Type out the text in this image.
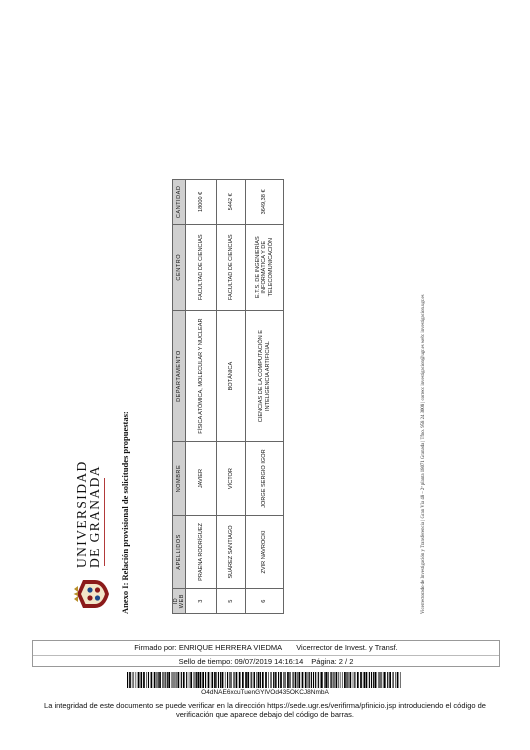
UNIVERSIDAD
DE GRANADA Anexo I: Relación provisional de solicitudes propuestas:	ID WEB	APELLIDOS	NOMBRE	DEPARTAMENTO	CENTRO	CANTIDAD
3	PRAENA RODRÍGUEZ	JAVIER	FÍSICA ATÓMICA, MOLECULAR Y NUCLEAR	FACULTAD DE CIENCIAS	18000 €
5	SUÁREZ SANTIAGO	VÍCTOR	BOTÁNICA	FACULTAD DE CIENCIAS	5442 €
6	ZVIR NAVROCKI	JORGE SERGIO IGOR	CIENCIAS DE LA COMPUTACIÓN E INTELIGENCIA ARTIFICIAL	E.T.S. DE INGENIERÍAS INFORMÁTICA Y DE TELECOMUNICACIÓN	3649,38 €
Vicerrectorado de Investigación y Transferencia | Gran Vía 48 – 2ª planta 18071 Granada | Tfno. 958 24 3008 | correo: investigacion@ugr.es web: investigacion.ugr.es
Firmado por: ENRIQUE HERRERA VIEDMA Vicerrector de Invest. y Transf.
Sello de tiempo: 09/07/2019 14:16:14 Página: 2 / 2
O4dNAE6xcuTuenGYlVOd435OKCJ8NmbA
La integridad de este documento se puede verificar en la dirección https://sede.ugr.es/verifirma/pfinicio.jsp introduciendo el código de verificación que aparece debajo del código de barras.
